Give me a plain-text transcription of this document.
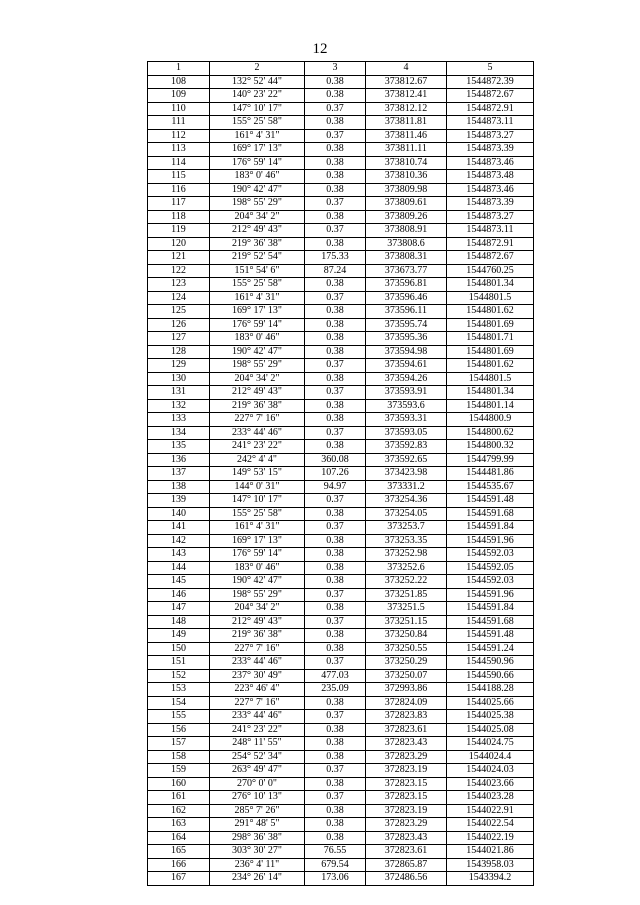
12
1	2	3	4	5
108	132° 52' 44"	0.38	373812.67	1544872.39
109	140° 23' 22"	0.38	373812.41	1544872.67
110	147° 10' 17"	0.37	373812.12	1544872.91
111	155° 25' 58"	0.38	373811.81	1544873.11
112	161° 4' 31"	0.37	373811.46	1544873.27
113	169° 17' 13"	0.38	373811.11	1544873.39
114	176° 59' 14"	0.38	373810.74	1544873.46
115	183° 0' 46"	0.38	373810.36	1544873.48
116	190° 42' 47"	0.38	373809.98	1544873.46
117	198° 55' 29"	0.37	373809.61	1544873.39
118	204° 34' 2"	0.38	373809.26	1544873.27
119	212° 49' 43"	0.37	373808.91	1544873.11
120	219° 36' 38"	0.38	373808.6	1544872.91
121	219° 52' 54"	175.33	373808.31	1544872.67
122	151° 54' 6"	87.24	373673.77	1544760.25
123	155° 25' 58"	0.38	373596.81	1544801.34
124	161° 4' 31"	0.37	373596.46	1544801.5
125	169° 17' 13"	0.38	373596.11	1544801.62
126	176° 59' 14"	0.38	373595.74	1544801.69
127	183° 0' 46"	0.38	373595.36	1544801.71
128	190° 42' 47"	0.38	373594.98	1544801.69
129	198° 55' 29"	0.37	373594.61	1544801.62
130	204° 34' 2"	0.38	373594.26	1544801.5
131	212° 49' 43"	0.37	373593.91	1544801.34
132	219° 36' 38"	0.38	373593.6	1544801.14
133	227° 7' 16"	0.38	373593.31	1544800.9
134	233° 44' 46"	0.37	373593.05	1544800.62
135	241° 23' 22"	0.38	373592.83	1544800.32
136	242° 4' 4"	360.08	373592.65	1544799.99
137	149° 53' 15"	107.26	373423.98	1544481.86
138	144° 0' 31"	94.97	373331.2	1544535.67
139	147° 10' 17"	0.37	373254.36	1544591.48
140	155° 25' 58"	0.38	373254.05	1544591.68
141	161° 4' 31"	0.37	373253.7	1544591.84
142	169° 17' 13"	0.38	373253.35	1544591.96
143	176° 59' 14"	0.38	373252.98	1544592.03
144	183° 0' 46"	0.38	373252.6	1544592.05
145	190° 42' 47"	0.38	373252.22	1544592.03
146	198° 55' 29"	0.37	373251.85	1544591.96
147	204° 34' 2"	0.38	373251.5	1544591.84
148	212° 49' 43"	0.37	373251.15	1544591.68
149	219° 36' 38"	0.38	373250.84	1544591.48
150	227° 7' 16"	0.38	373250.55	1544591.24
151	233° 44' 46"	0.37	373250.29	1544590.96
152	237° 30' 49"	477.03	373250.07	1544590.66
153	223° 46' 4"	235.09	372993.86	1544188.28
154	227° 7' 16"	0.38	372824.09	1544025.66
155	233° 44' 46"	0.37	372823.83	1544025.38
156	241° 23' 22"	0.38	372823.61	1544025.08
157	248° 11' 55"	0.38	372823.43	1544024.75
158	254° 52' 34"	0.38	372823.29	1544024.4
159	263° 49' 47"	0.37	372823.19	1544024.03
160	270° 0' 0"	0.38	372823.15	1544023.66
161	276° 10' 13"	0.37	372823.15	1544023.28
162	285° 7' 26"	0.38	372823.19	1544022.91
163	291° 48' 5"	0.38	372823.29	1544022.54
164	298° 36' 38"	0.38	372823.43	1544022.19
165	303° 30' 27"	76.55	372823.61	1544021.86
166	236° 4' 11"	679.54	372865.87	1543958.03
167	234° 26' 14"	173.06	372486.56	1543394.2
